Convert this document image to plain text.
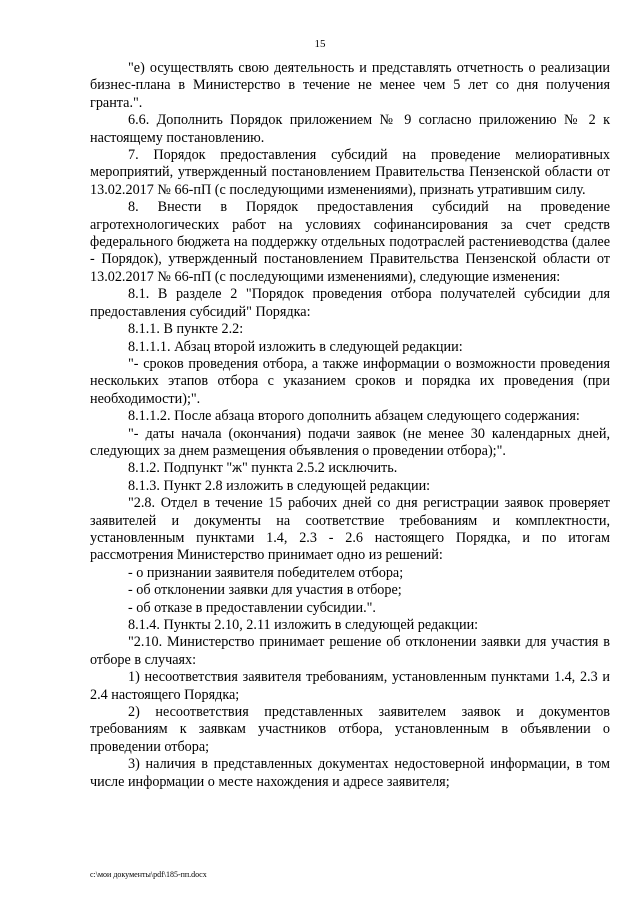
15

"е) осуществлять свою деятельность и представлять отчетность о реализации бизнес-плана в Министерство в течение не менее чем 5 лет со дня получения гранта.".

6.6. Дополнить Порядок приложением № 9 согласно приложению № 2 к настоящему постановлению.

7. Порядок предоставления субсидий на проведение мелиоративных мероприятий, утвержденный постановлением Правительства Пензенской области от 13.02.2017 № 66-пП (с последующими изменениями), признать утратившим силу.

8. Внести в Порядок предоставления субсидий на проведение агротехнологических работ на условиях софинансирования за счет средств федерального бюджета на поддержку отдельных подотраслей растениеводства (далее - Порядок), утвержденный постановлением Правительства Пензенской области от 13.02.2017 № 66-пП (с последующими изменениями), следующие изменения:

8.1. В разделе 2 "Порядок проведения отбора получателей субсидии для предоставления субсидий" Порядка:

8.1.1. В пункте 2.2:

8.1.1.1. Абзац второй изложить в следующей редакции:

"- сроков проведения отбора, а также информации о возможности проведения нескольких этапов отбора с указанием сроков и порядка их проведения (при необходимости);".

8.1.1.2. После абзаца второго дополнить абзацем следующего содержания:

"- даты начала (окончания) подачи заявок (не менее 30 календарных дней, следующих за днем размещения объявления о проведении отбора);".

8.1.2. Подпункт "ж" пункта 2.5.2 исключить.

8.1.3. Пункт 2.8 изложить в следующей редакции:

"2.8. Отдел в течение 15 рабочих дней со дня регистрации заявок проверяет заявителей и документы на соответствие требованиям и комплектности, установленным пунктами 1.4, 2.3 - 2.6 настоящего Порядка, и по итогам рассмотрения Министерство принимает одно из решений:

- о признании заявителя победителем отбора;

- об отклонении заявки для участия в отборе;

- об отказе в предоставлении субсидии.".

8.1.4. Пункты 2.10, 2.11 изложить в следующей редакции:

"2.10. Министерство принимает решение об отклонении заявки для участия в отборе в случаях:

1) несоответствия заявителя требованиям, установленным пунктами 1.4, 2.3 и 2.4 настоящего Порядка;

2) несоответствия представленных заявителем заявок и документов требованиям к заявкам участников отбора, установленным в объявлении о проведении отбора;

3) наличия в представленных документах недостоверной информации, в том числе информации о месте нахождения и адресе заявителя;

c:\мои документы\pdf\185-пп.docx
